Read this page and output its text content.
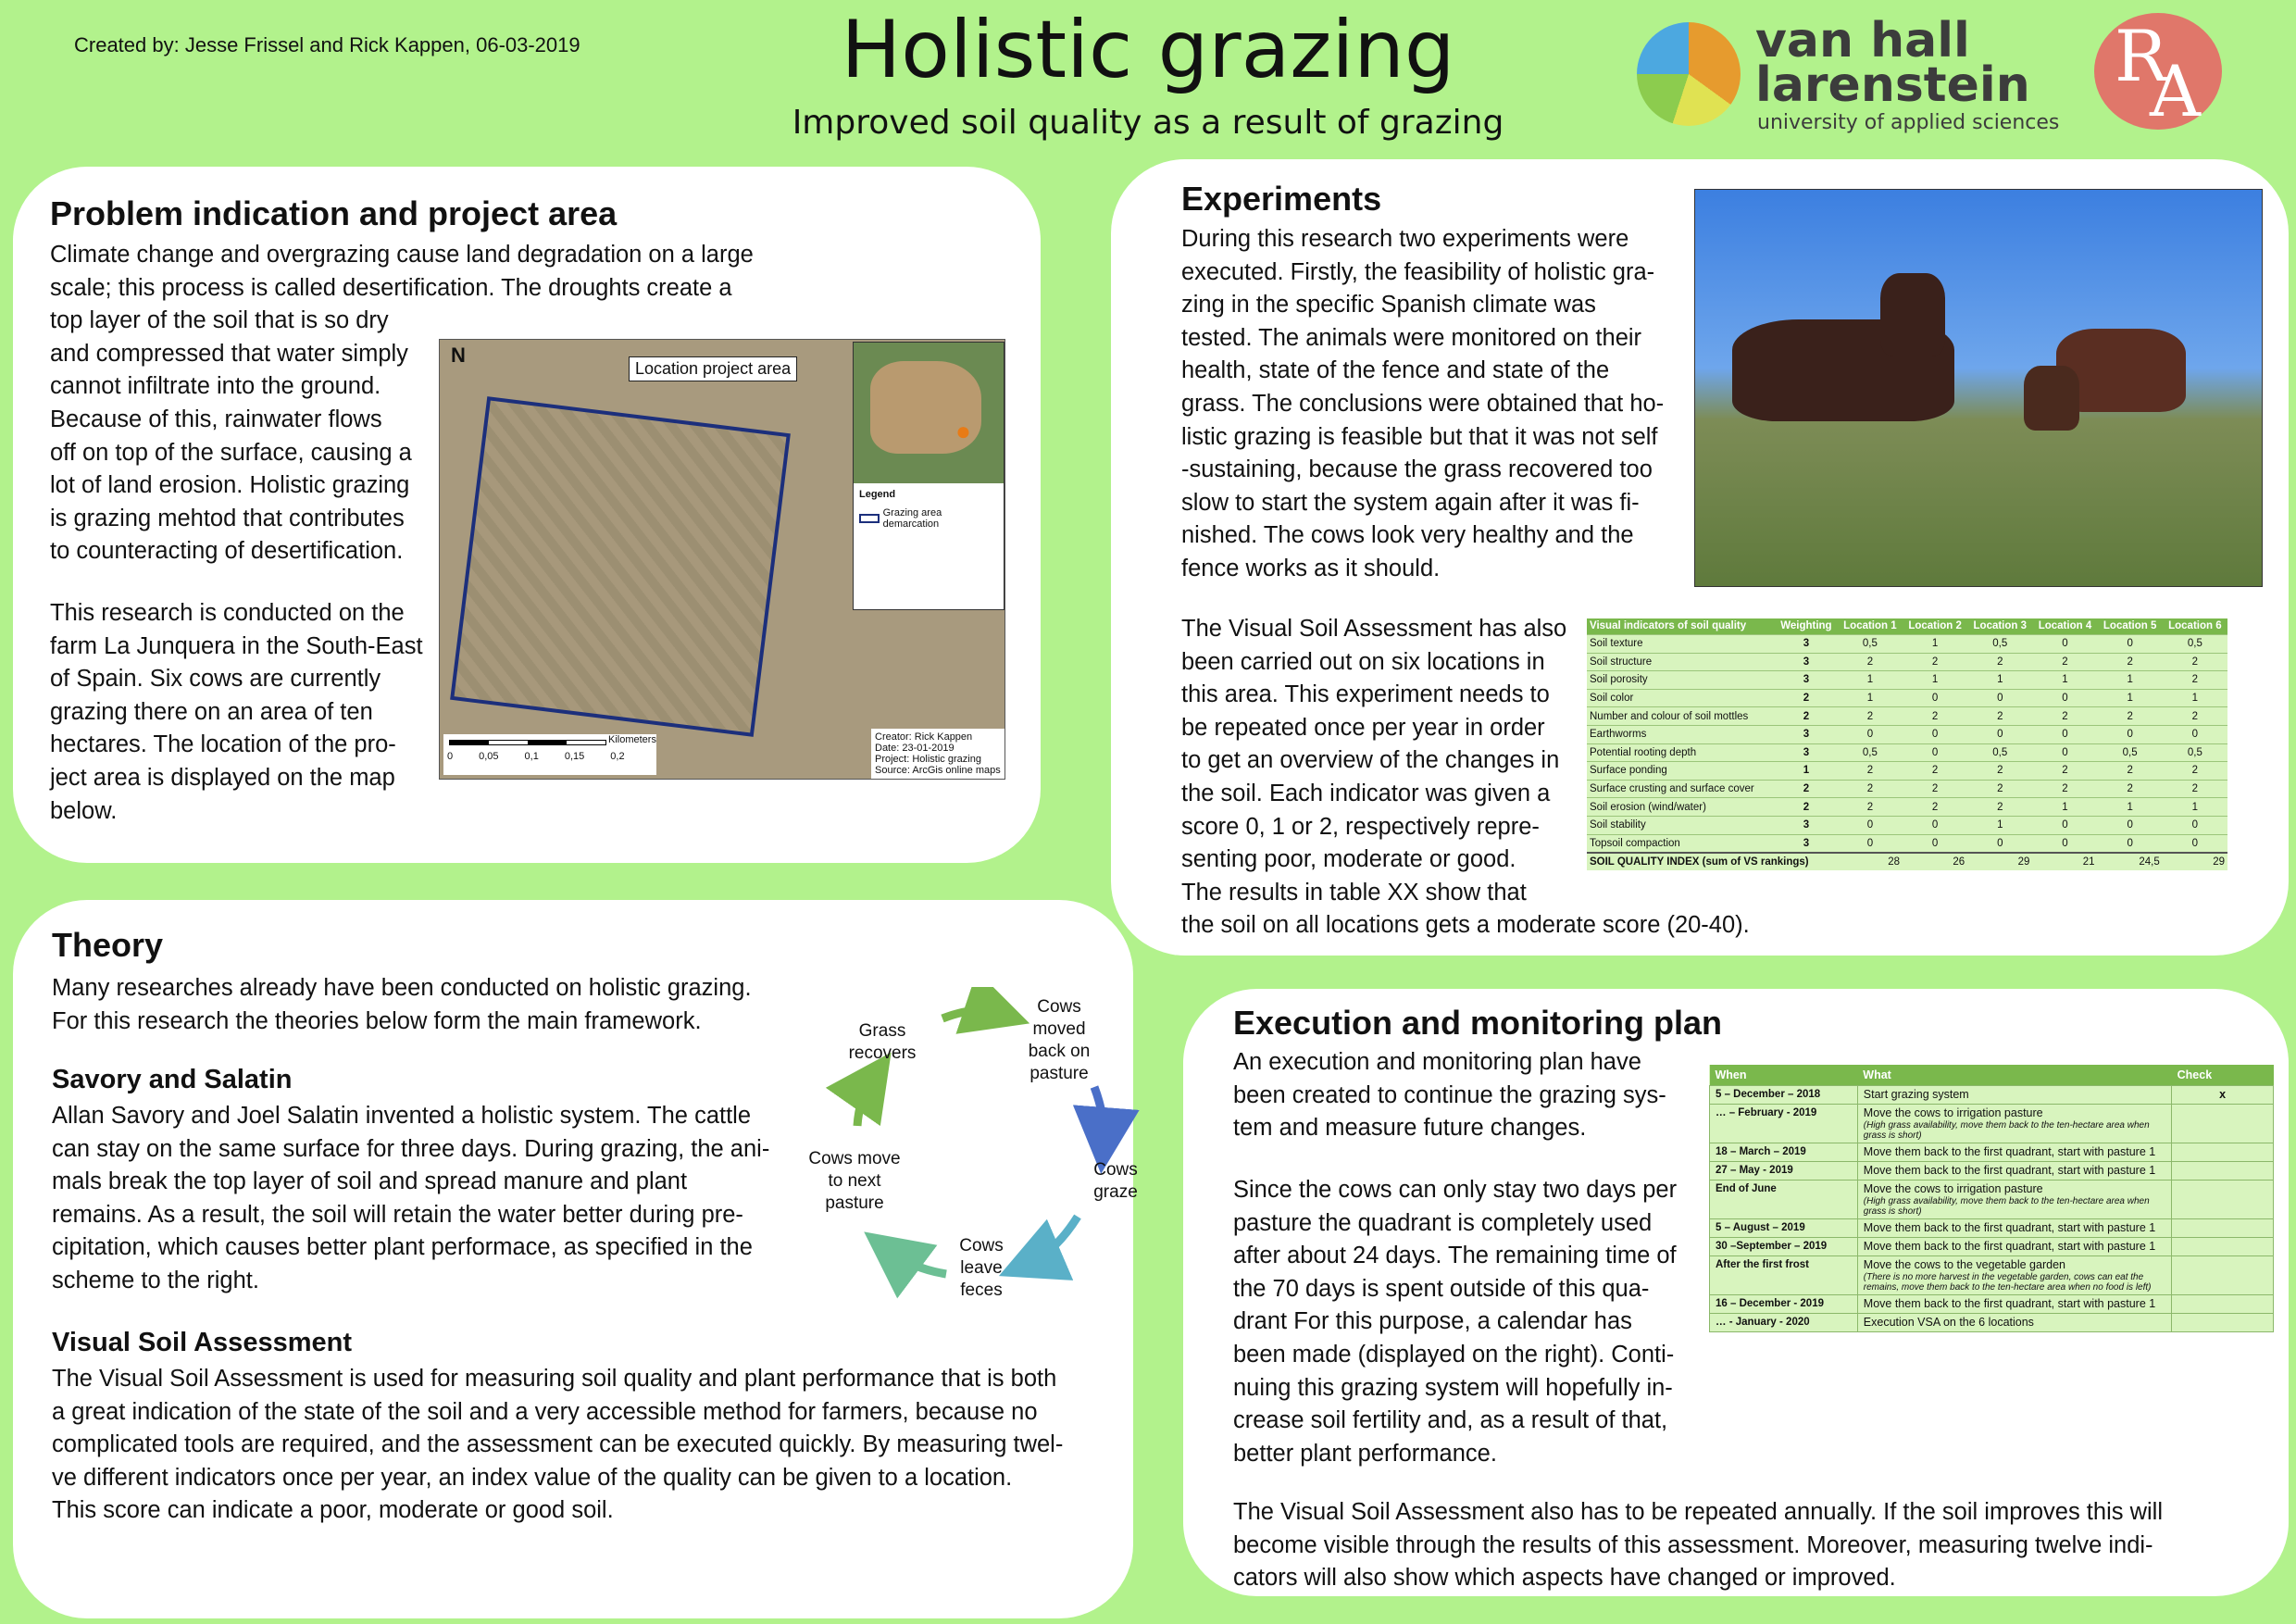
Created by: Jesse Frissel and Rick Kappen, 06-03-2019	Holistic grazing
Improved soil quality as a result of grazing
van hall
larenstein
university of applied sciences
R
A
Problem indication and project area
Climate change and overgrazing cause land degradation on a large
scale; this process is called desertification. The droughts create a
top layer of the soil that is so dry
and compressed that water simply
cannot infiltrate into the ground.
Because of this, rainwater flows
off on top of the surface, causing a
lot of land erosion. Holistic grazing
is grazing mehtod that contributes
to counteracting of desertification.
This research is conducted on the
farm La Junquera in the South-East
of Spain. Six cows are currently
grazing there on an area of ten
hectares. The location of the pro-
ject area is displayed on the map
below.
N
Location project area
●
Legend
Grazing area demarcation
Kilometers
0	0,05	0,1	0,15	0,2
Creator: Rick Kappen
Date: 23-01-2019
Project: Holistic grazing
Source: ArcGis online maps
Theory
Many researches already have been conducted on holistic grazing.
For this research the theories below form the main framework.
Savory and Salatin
Allan Savory and Joel Salatin invented a holistic system. The cattle
can stay on the same surface for three days. During grazing, the ani-
mals break the top layer of soil and spread manure and plant
remains. As a result, the soil will retain the water better during pre-
cipitation, which causes better plant performace, as specified in the
scheme to the right.
Visual Soil Assessment
The Visual Soil Assessment is used for measuring soil quality and plant performance that is both
a great indication of the state of the soil and a very accessible method for farmers, because no
complicated tools are required, and the assessment can be executed quickly. By measuring twel-
ve different indicators once per year, an index value of the quality can be given to a location.
This score can indicate a poor, moderate or good soil.
Grass
recovers
Cows
moved
back on
pasture
Cows
graze
Cows
leave
feces
Cows move
to next
pasture
Experiments
During this research two experiments were
executed. Firstly, the feasibility of holistic gra-
zing in the specific Spanish climate was
tested. The animals were monitored on their
health, state of the fence and state of the
grass. The conclusions were obtained that ho-
listic grazing is feasible but that it was not self
-sustaining, because the grass recovered too
slow to start the system again after it was fi-
nished. The cows look very healthy and the
fence works as it should.
The Visual Soil Assessment has also
been carried out on six locations in
this area. This experiment needs to
be repeated once per year in order
to get an overview of the changes in
the soil. Each indicator was given a
score 0, 1 or 2, respectively repre-
senting poor, moderate or good.
The results in table XX show that
the soil on all locations gets a moderate score (20-40).
Visual indicators of soil quality	Weighting	Location 1	Location 2	Location 3	Location 4	Location 5	Location 6
Soil texture	3	0,5	1	0,5	0	0	0,5
Soil structure	3	2	2	2	2	2	2
Soil porosity	3	1	1	1	1	1	2
Soil color	2	1	0	0	0	1	1
Number and colour of soil mottles	2	2	2	2	2	2	2
Earthworms	3	0	0	0	0	0	0
Potential rooting depth	3	0,5	0	0,5	0	0,5	0,5
Surface ponding	1	2	2	2	2	2	2
Surface crusting and surface cover	2	2	2	2	2	2	2
Soil erosion (wind/water)	2	2	2	2	1	1	1
Soil stability	3	0	0	1	0	0	0
Topsoil compaction	3	0	0	0	0	0	0
SOIL QUALITY INDEX (sum of VS rankings)		28	26	29	21	24,5	29
Execution and monitoring plan
An execution and monitoring plan have
been created to continue the grazing sys-
tem and measure future changes.
Since the cows can only stay two days per
pasture the quadrant is completely used
after about 24 days. The remaining time of
the 70 days is spent outside of this qua-
drant For this purpose, a calendar has
been made (displayed on the right). Conti-
nuing this grazing system will hopefully in-
crease soil fertility and, as a result of that,
better plant performance.
The Visual Soil Assessment also has to be repeated annually. If the soil improves this will
become visible through the results of this assessment. Moreover, measuring twelve indi-
cators will also show which aspects have changed or improved.
When	What	Check
5 – December – 2018	Start grazing system	x
… – February - 2019	Move the cows to irrigation pasture
(High grass availability, move them back to the ten-hectare area when grass is short)	

18 – March – 2019	Move them back to the first quadrant, start with pasture 1

27 – May - 2019	Move them back to the first quadrant, start with pasture 1

End of June	Move the cows to irrigation pasture
(High grass availability, move them back to the ten-hectare area when grass is short)	

5 – August – 2019	Move them back to the first quadrant, start with pasture 1

30 –September – 2019	Move them back to the first quadrant, start with pasture 1

After the first frost	Move the cows to the vegetable garden
(There is no more harvest in the vegetable garden, cows can eat the remains, move them back to the ten-hectare area when no food is left)	

16 – December - 2019	Move them back to the first quadrant, start with pasture 1

… - January - 2020	Execution VSA on the 6 locations
